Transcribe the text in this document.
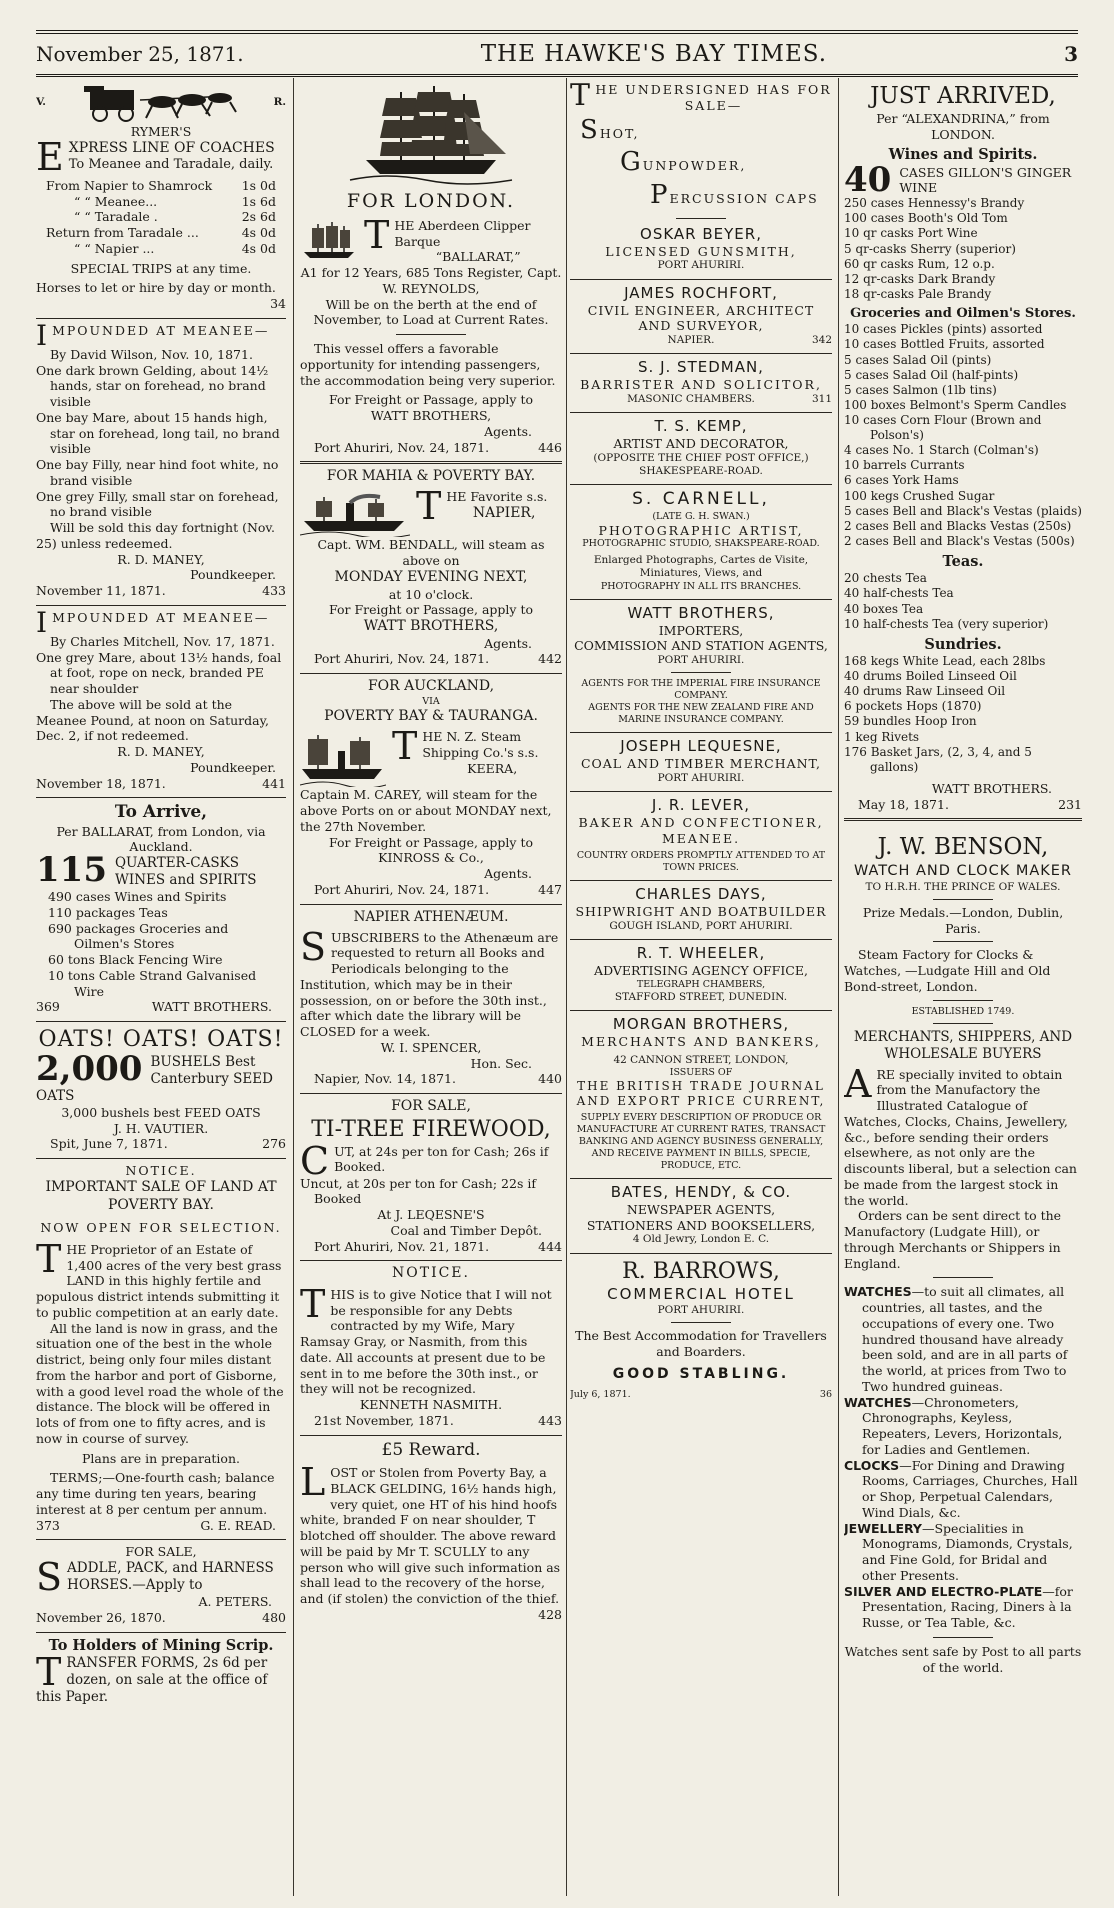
November 25, 1871.	THE HAWKE'S BAY TIMES.	3
V.	R.
RYMER'S
E XPRESS LINE OF COACHES
To Meanee and Taradale, daily.
From Napier to Shamrock 1s 0d
“ “ Meanee...	1s 6d
“ “ Taradale .	2s 6d
Return from Taradale ...	4s 0d
“ “ Napier ...	4s 0d
SPECIAL TRIPS at any time.
Horses to let or hire by day or month.
34
I MPOUNDED AT MEANEE—
By David Wilson, Nov. 10, 1871.
One dark brown Gelding, about 14½ hands, star on forehead, no brand visible
One bay Mare, about 15 hands high, star on forehead, long tail, no brand visible
One bay Filly, near hind foot white, no brand visible
One grey Filly, small star on forehead, no brand visible
Will be sold this day fortnight (Nov. 25) unless redeemed.
R. D. MANEY,
Poundkeeper.
November 11, 1871.	433
I MPOUNDED AT MEANEE—
By Charles Mitchell, Nov. 17, 1871.
One grey Mare, about 13½ hands, foal at foot, rope on neck, branded PE near shoulder
The above will be sold at the Meanee Pound, at noon on Saturday, Dec. 2, if not redeemed.
R. D. MANEY,
Poundkeeper.
November 18, 1871.	441
To Arrive,
Per BALLARAT, from London, via Auckland.
115 QUARTER-CASKS WINES and SPIRITS
490 cases Wines and Spirits
110 packages Teas
690 packages Groceries and Oilmen's Stores
60 tons Black Fencing Wire
10 tons Cable Strand Galvanised Wire
369	WATT BROTHERS.
OATS! OATS! OATS!
2,000 BUSHELS Best Canterbury SEED OATS
3,000 bushels best FEED OATS
J. H. VAUTIER.
Spit, June 7, 1871.	276
NOTICE.
IMPORTANT SALE OF LAND AT POVERTY BAY.
NOW OPEN FOR SELECTION.
THE Proprietor of an Estate of 1,400 acres of the very best grass LAND in this highly fertile and populous district intends submitting it to public competition at an early date.
All the land is now in grass, and the situation one of the best in the whole district, being only four miles distant from the harbor and port of Gisborne, with a good level road the whole of the distance. The block will be offered in lots of from one to fifty acres, and is now in course of survey.
Plans are in preparation.
TERMS;—One-fourth cash; balance any time during ten years, bearing interest at 8 per centum per annum.
373	G. E. READ.
FOR SALE,
SADDLE, PACK, and HARNESS HORSES.—Apply to
A. PETERS.
November 26, 1870.	480
To Holders of Mining Scrip.
TRANSFER FORMS, 2s 6d per dozen, on sale at the office of this Paper.
FOR LONDON.
T HE Aberdeen Clipper Barque
“BALLARAT,”
A1 for 12 Years, 685 Tons Register, Capt. W. REYNOLDS,
Will be on the berth at the end of November, to Load at Current Rates.
This vessel offers a favorable opportunity for intending passengers, the accommodation being very superior.
For Freight or Passage, apply to
WATT BROTHERS,
Agents.
Port Ahuriri, Nov. 24, 1871.	446
FOR MAHIA & POVERTY BAY.
T HE Favorite s.s.
NAPIER,
Capt. WM. BENDALL, will steam as above on
MONDAY EVENING NEXT,
at 10 o'clock.
For Freight or Passage, apply to
WATT BROTHERS,
Agents.
Port Ahuriri, Nov. 24, 1871.	442
FOR AUCKLAND,
VIA
POVERTY BAY & TAURANGA.
T HE N. Z. Steam Shipping Co.'s s.s.
KEERA,
Captain M. CAREY, will steam for the above Ports on or about MONDAY next, the 27th November.
For Freight or Passage, apply to
KINROSS & Co.,
Agents.
Port Ahuriri, Nov. 24, 1871.	447
NAPIER ATHENÆUM.
SUBSCRIBERS to the Athenæum are requested to return all Books and Periodicals belonging to the Institution, which may be in their possession, on or before the 30th inst., after which date the library will be CLOSED for a week.
W. I. SPENCER,
Hon. Sec.
Napier, Nov. 14, 1871.	440
FOR SALE,
TI-TREE FIREWOOD,
CUT, at 24s per ton for Cash; 26s if Booked.
Uncut, at 20s per ton for Cash; 22s if Booked
At J. LEQESNE'S
Coal and Timber Depôt.
Port Ahuriri, Nov. 21, 1871.	444
NOTICE.
THIS is to give Notice that I will not be responsible for any Debts contracted by my Wife, Mary Ramsay Gray, or Nasmith, from this date. All accounts at present due to be sent in to me before the 30th inst., or they will not be recognized.
KENNETH NASMITH.
21st November, 1871.	443
£5 Reward.
LOST or Stolen from Poverty Bay, a BLACK GELDING, 16½ hands high, very quiet, one HT of his hind hoofs white, branded F on near shoulder, T blotched off shoulder. The above reward will be paid by Mr T. SCULLY to any person who will give such information as shall lead to the recovery of the horse, and (if stolen) the conviction of the thief.
428
T HE UNDERSIGNED HAS FOR SALE—
SHOT,
GUNPOWDER,
PERCUSSION CAPS
OSKAR BEYER,
LICENSED GUNSMITH,
PORT AHURIRI.
JAMES ROCHFORT,
CIVIL ENGINEER, ARCHITECT AND SURVEYOR,
NAPIER.	342
S. J. STEDMAN,
BARRISTER AND SOLICITOR,
MASONIC CHAMBERS.	311
T. S. KEMP,
ARTIST AND DECORATOR,
(OPPOSITE THE CHIEF POST OFFICE,)
SHAKESPEARE-ROAD.
S. CARNELL,
(LATE G. H. SWAN.)
PHOTOGRAPHIC ARTIST,
PHOTOGRAPHIC STUDIO, SHAKSPEARE-ROAD.
Enlarged Photographs, Cartes de Visite, Miniatures, Views, and
PHOTOGRAPHY IN ALL ITS BRANCHES.
WATT BROTHERS,
IMPORTERS,
COMMISSION AND STATION AGENTS,
PORT AHURIRI.
AGENTS FOR THE IMPERIAL FIRE INSURANCE COMPANY.
AGENTS FOR THE NEW ZEALAND FIRE AND MARINE INSURANCE COMPANY.
JOSEPH LEQUESNE,
COAL AND TIMBER MERCHANT,
PORT AHURIRI.
J. R. LEVER,
BAKER AND CONFECTIONER,
MEANEE.
COUNTRY ORDERS PROMPTLY ATTENDED TO AT TOWN PRICES.
CHARLES DAYS,
SHIPWRIGHT AND BOATBUILDER
GOUGH ISLAND, PORT AHURIRI.
R. T. WHEELER,
ADVERTISING AGENCY OFFICE,
TELEGRAPH CHAMBERS,
STAFFORD STREET, DUNEDIN.
MORGAN BROTHERS,
MERCHANTS AND BANKERS,
42 CANNON STREET, LONDON,
ISSUERS OF
THE BRITISH TRADE JOURNAL AND EXPORT PRICE CURRENT,
SUPPLY EVERY DESCRIPTION OF PRODUCE OR MANUFACTURE AT CURRENT RATES, TRANSACT BANKING AND AGENCY BUSINESS GENERALLY,
AND RECEIVE PAYMENT IN BILLS, SPECIE, PRODUCE, ETC.
BATES, HENDY, & CO.
NEWSPAPER AGENTS,
STATIONERS AND BOOKSELLERS,
4 Old Jewry, London E. C.
R. BARROWS,
COMMERCIAL HOTEL
PORT AHURIRI.
The Best Accommodation for Travellers and Boarders.
GOOD STABLING.
July 6, 1871.	36
JUST ARRIVED,
Per “ALEXANDRINA,” from LONDON.
Wines and Spirits.
40 CASES GILLON'S GINGER WINE
250 cases Hennessy's Brandy
100 cases Booth's Old Tom
10 qr casks Port Wine
5 qr-casks Sherry (superior)
60 qr casks Rum, 12 o.p.
12 qr-casks Dark Brandy
18 qr-casks Pale Brandy
Groceries and Oilmen's Stores.
10 cases Pickles (pints) assorted
10 cases Bottled Fruits, assorted
5 cases Salad Oil (pints)
5 cases Salad Oil (half-pints)
5 cases Salmon (1lb tins)
100 boxes Belmont's Sperm Candles
10 cases Corn Flour (Brown and Polson's)
4 cases No. 1 Starch (Colman's)
10 barrels Currants
6 cases York Hams
100 kegs Crushed Sugar
5 cases Bell and Black's Vestas (plaids)
2 cases Bell and Blacks Vestas (250s)
2 cases Bell and Black's Vestas (500s)
Teas.
20 chests Tea
40 half-chests Tea
40 boxes Tea
10 half-chests Tea (very superior)
Sundries.
168 kegs White Lead, each 28lbs
40 drums Boiled Linseed Oil
40 drums Raw Linseed Oil
6 pockets Hops (1870)
59 bundles Hoop Iron
1 keg Rivets
176 Basket Jars, (2, 3, 4, and 5 gallons)
WATT BROTHERS.
May 18, 1871.	231
J. W. BENSON,
WATCH AND CLOCK MAKER
TO H.R.H. THE PRINCE OF WALES.
Prize Medals.—London, Dublin, Paris.
Steam Factory for Clocks & Watches, —Ludgate Hill and Old Bond-street, London.
ESTABLISHED 1749.
MERCHANTS, SHIPPERS, AND WHOLESALE BUYERS
ARE specially invited to obtain from the Manufactory the Illustrated Catalogue of Watches, Clocks, Chains, Jewellery, &c., before sending their orders elsewhere, as not only are the discounts liberal, but a selection can be made from the largest stock in the world.
Orders can be sent direct to the Manufactory (Ludgate Hill), or through Merchants or Shippers in England.
WATCHES—to suit all climates, all countries, all tastes, and the occupations of every one. Two hundred thousand have already been sold, and are in all parts of the world, at prices from Two to Two hundred guineas.
WATCHES—Chronometers, Chronographs, Keyless, Repeaters, Levers, Horizontals, for Ladies and Gentlemen.
CLOCKS—For Dining and Drawing Rooms, Carriages, Churches, Hall or Shop, Perpetual Calendars, Wind Dials, &c.
JEWELLERY—Specialities in Monograms, Diamonds, Crystals, and Fine Gold, for Bridal and other Presents.
SILVER AND ELECTRO-PLATE—for Presentation, Racing, Diners à la Russe, or Tea Table, &c.
Watches sent safe by Post to all parts of the world.
